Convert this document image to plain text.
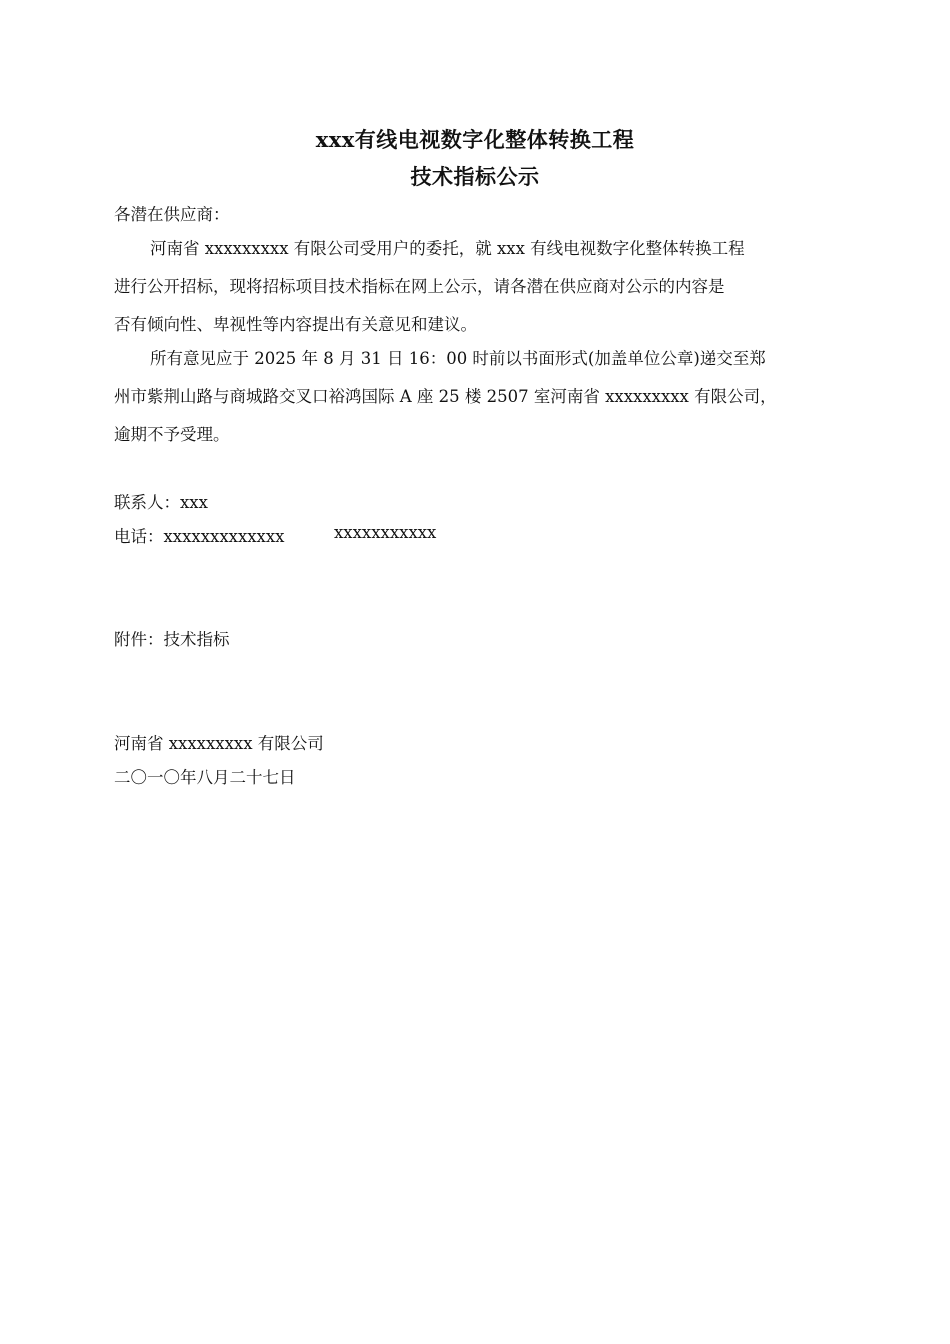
xxx有线电视数字化整体转换工程
技术指标公示
各潜在供应商：
河南省 xxxxxxxxx 有限公司受用户的委托，就 xxx 有线电视数字化整体转换工程
进行公开招标，现将招标项目技术指标在网上公示，请各潜在供应商对公示的内容是
否有倾向性、卑视性等内容提出有关意见和建议。
所有意见应于 2025 年 8 月 31 日 16：00 时前以书面形式(加盖单位公章)递交至郑
州市紫荆山路与商城路交叉口裕鸿国际 A 座 25 楼 2507 室河南省 xxxxxxxxx 有限公司，
逾期不予受理。
联系人：xxx
电话：xxxxxxxxxxxxx	xxxxxxxxxxx
附件：技术指标
河南省 xxxxxxxxx 有限公司
二〇一〇年八月二十七日
